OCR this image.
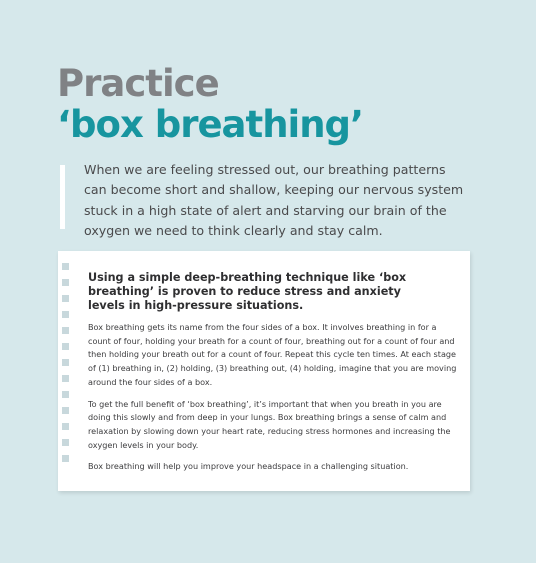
Practice
‘box breathing’
When we are feeling stressed out, our breathing patterns can become short and shallow, keeping our nervous system stuck in a high state of alert and starving our brain of the oxygen we need to think clearly and stay calm.
Using a simple deep-breathing technique like ‘box breathing’ is proven to reduce stress and anxiety levels in high-pressure situations.

Box breathing gets its name from the four sides of a box. It involves breathing in for a count of four, holding your breath for a count of four, breathing out for a count of four and then holding your breath out for a count of four. Repeat this cycle ten times. At each stage of (1) breathing in, (2) holding, (3) breathing out, (4) holding, imagine that you are moving around the four sides of a box.

To get the full benefit of ‘box breathing’, it’s important that when you breath in you are doing this slowly and from deep in your lungs. Box breathing brings a sense of calm and relaxation by slowing down your heart rate, reducing stress hormones and increasing the oxygen levels in your body.

Box breathing will help you improve your headspace in a challenging situation.
